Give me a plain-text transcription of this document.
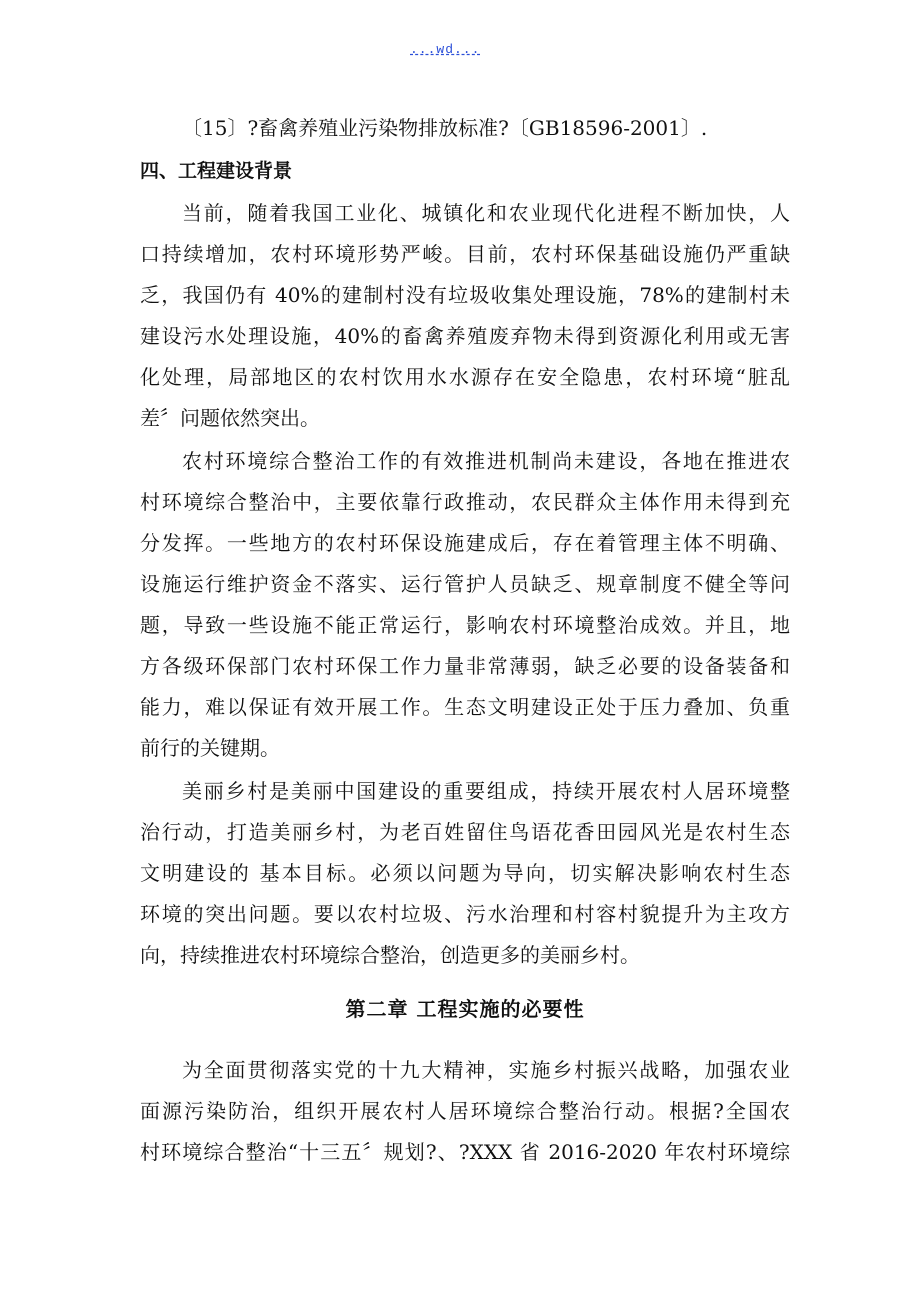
...wd...
〔15〕?畜禽养殖业污染物排放标准?〔GB18596-2001〕.
四、工程建设背景
当前，随着我国工业化、城镇化和农业现代化进程不断加快，人
口持续增加，农村环境形势严峻。目前，农村环保基础设施仍严重缺
乏，我国仍有 40%的建制村没有垃圾收集处理设施，78%的建制村未
建设污水处理设施，40%的畜禽养殖废弃物未得到资源化利用或无害
化处理，局部地区的农村饮用水水源存在安全隐患，农村环境“脏乱
差〞问题依然突出。
农村环境综合整治工作的有效推进机制尚未建设，各地在推进农
村环境综合整治中，主要依靠行政推动，农民群众主体作用未得到充
分发挥。一些地方的农村环保设施建成后，存在着管理主体不明确、
设施运行维护资金不落实、运行管护人员缺乏、规章制度不健全等问
题，导致一些设施不能正常运行，影响农村环境整治成效。并且，地
方各级环保部门农村环保工作力量非常薄弱，缺乏必要的设备装备和
能力，难以保证有效开展工作。生态文明建设正处于压力叠加、负重
前行的关键期。
美丽乡村是美丽中国建设的重要组成，持续开展农村人居环境整
治行动，打造美丽乡村，为老百姓留住鸟语花香田园风光是农村生态
文明建设的 基本目标。必须以问题为导向，切实解决影响农村生态
环境的突出问题。要以农村垃圾、污水治理和村容村貌提升为主攻方
向，持续推进农村环境综合整治，创造更多的美丽乡村。
第二章 工程实施的必要性
为全面贯彻落实党的十九大精神，实施乡村振兴战略，加强农业
面源污染防治，组织开展农村人居环境综合整治行动。根据?全国农
村环境综合整治“十三五〞规划?、?XXX 省 2016-2020 年农村环境综
